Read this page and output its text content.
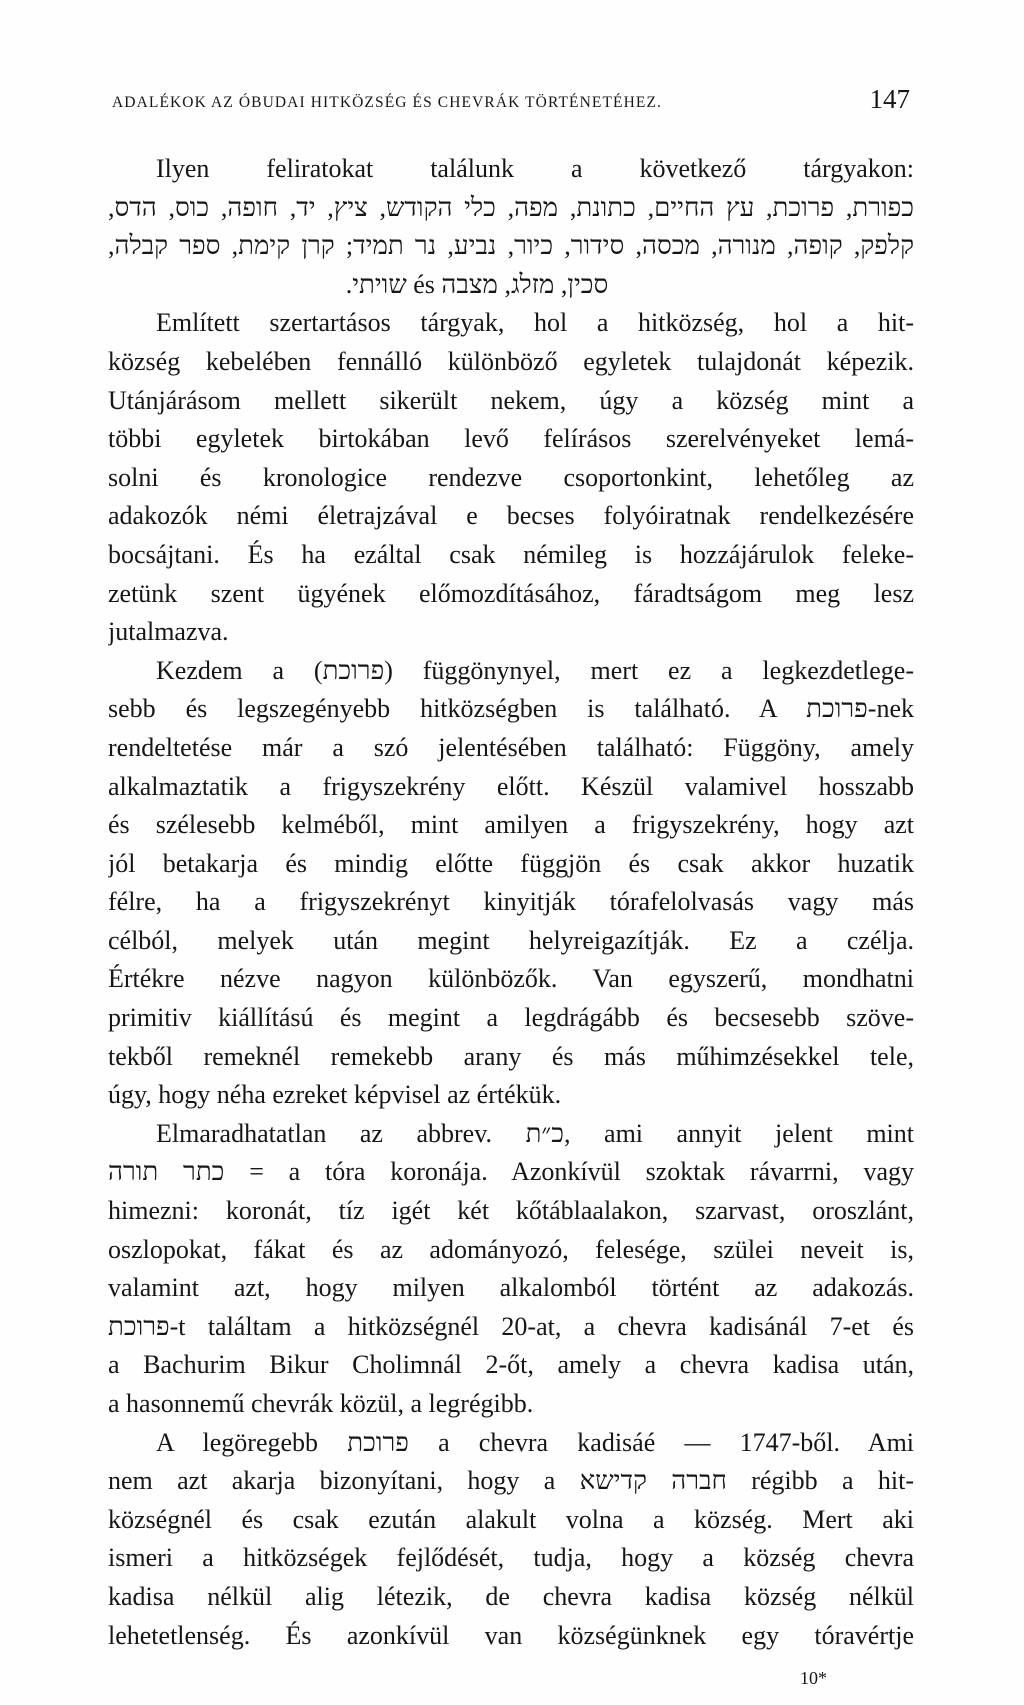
ADALÉKOK AZ ÓBUDAI HITKÖZSÉG ÉS CHEVRÁK TÖRTÉNETÉHEZ.	147
Ilyen feliratokat találunk a következő tárgyakon:
כפורת, פרוכת, עץ החיים, כתונת, מפה, כלי הקודש, ציץ, יד, חופה, כוס, הדס,
קלפק, קופה, מנורה, מכסה, סידור, כיור, נביע, נר תמיד; קרן קימת, ספר קבלה,
סכין, מזלג, מצבה és שויתי.
Említett szertartásos tárgyak, hol a hitközség, hol a hit-
község kebelében fennálló különböző egyletek tulajdonát képezik.
Utánjárásom mellett sikerült nekem, úgy a község mint a
többi egyletek birtokában levő felírásos szerelvényeket lemá-
solni és kronologice rendezve csoportonkint, lehetőleg az
adakozók némi életrajzával e becses folyóiratnak rendelkezésére
bocsájtani. És ha ezáltal csak némileg is hozzájárulok feleke-
zetünk szent ügyének előmozdításához, fáradtságom meg lesz
jutalmazva.
Kezdem a (פרוכת) függönynyel, mert ez a legkezdetlege-
sebb és legszegényebb hitközségben is található. A פרוכת-nek
rendeltetése már a szó jelentésében található: Függöny, amely
alkalmaztatik a frigyszekrény előtt. Készül valamivel hosszabb
és szélesebb kelméből, mint amilyen a frigyszekrény, hogy azt
jól betakarja és mindig előtte függjön és csak akkor huzatik
félre, ha a frigyszekrényt kinyitják tórafelolvasás vagy más
célból, melyek után megint helyreigazítják. Ez a czélja.
Értékre nézve nagyon különbözők. Van egyszerű, mondhatni
primitiv kiállítású és megint a legdrágább és becsesebb szöve-
tekből remeknél remekebb arany és más műhimzésekkel tele,
úgy, hogy néha ezreket képvisel az értékük.
Elmaradhatatlan az abbrev. כ״ת, ami annyit jelent mint
כתר תורה = a tóra koronája. Azonkívül szoktak rávarrni, vagy
himezni: koronát, tíz igét két kőtáblaalakon, szarvast, oroszlánt,
oszlopokat, fákat és az adományozó, felesége, szülei neveit is,
valamint azt, hogy milyen alkalomból történt az adakozás.
פרוכת-t találtam a hitközségnél 20-at, a chevra kadisánál 7-et és
a Bachurim Bikur Cholimnál 2-őt, amely a chevra kadisa után,
a hasonnemű chevrák közül, a legrégibb.
A legöregebb פרוכת a chevra kadisáé — 1747-ből. Ami
nem azt akarja bizonyítani, hogy a חברה קדישא régibb a hit-
községnél és csak ezután alakult volna a község. Mert aki
ismeri a hitközségek fejlődését, tudja, hogy a község chevra
kadisa nélkül alig létezik, de chevra kadisa község nélkül
lehetetlenség. És azonkívül van községünknek egy tóravértje
10*
